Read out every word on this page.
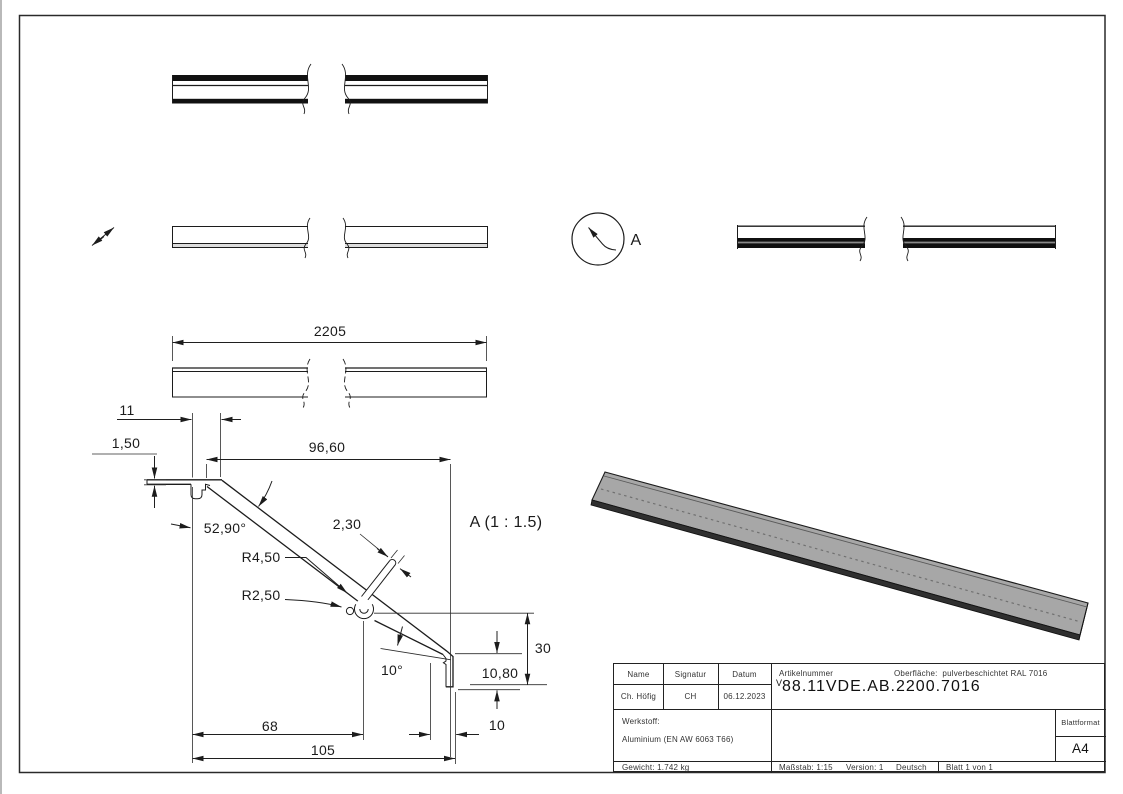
A
2205
11
1,50	96,60
52,90°	2,30
R4,50
R2,50
10°
30
10,80
68	10
105
A (1 : 1.5)
Name	Signatur	Datum
Ch. Höfig	CH	06.12.2023
Artikelnummer	Oberfläche: pulverbeschichtet RAL 7016
$^V$88.11VDE.AB.2200.7016
Werkstoff:
Aluminium (EN AW 6063 T66)
Blattformat
A4
Gewicht: 1.742 kg	Maßstab: 1:15 Version: 1 Deutsch Blatt 1 von 1
